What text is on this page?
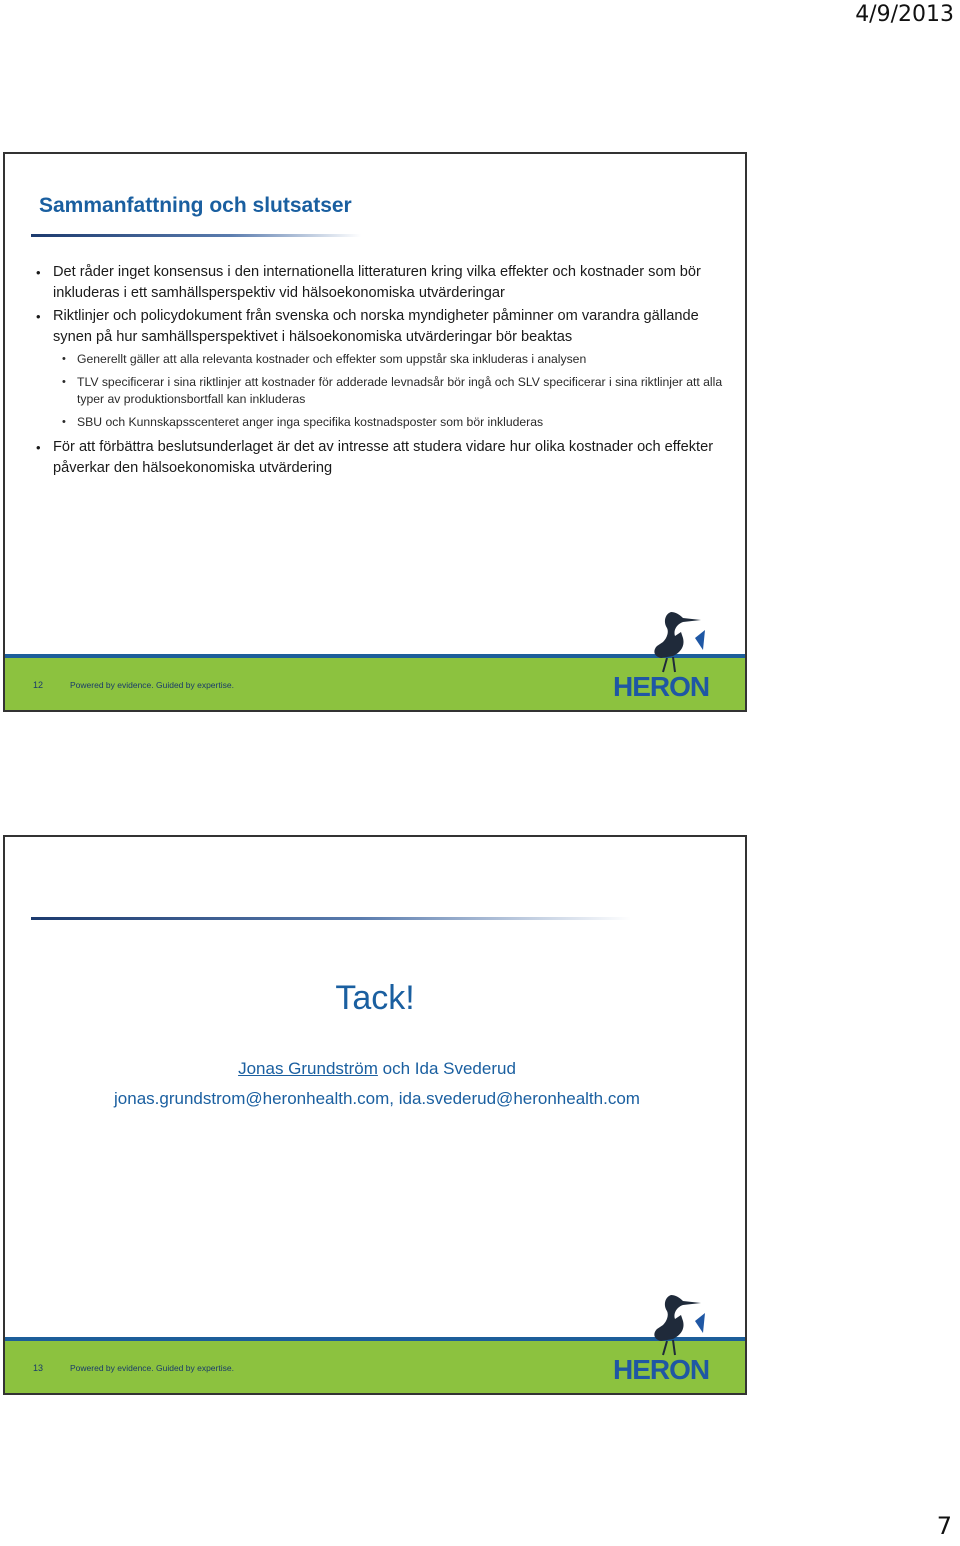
4/9/2013
Sammanfattning och slutsatser
• Det råder inget konsensus i den internationella litteraturen kring vilka effekter och kostnader som bör inkluderas i ett samhällsperspektiv vid hälsoekonomiska utvärderingar
• Riktlinjer och policydokument från svenska och norska myndigheter påminner om varandra gällande synen på hur samhällsperspektivet i hälsoekonomiska utvärderingar bör beaktas
• Generellt gäller att alla relevanta kostnader och effekter som uppstår ska inkluderas i analysen
• TLV specificerar i sina riktlinjer att kostnader för adderade levnadsår bör ingå och SLV specificerar i sina riktlinjer att alla typer av produktionsbortfall kan inkluderas
• SBU och Kunnskapsscenteret anger inga specifika kostnadsposter som bör inkluderas
• För att förbättra beslutsunderlaget är det av intresse att studera vidare hur olika kostnader och effekter påverkar den hälsoekonomiska utvärdering
12	Powered by evidence. Guided by expertise.	HERON
Tack!
Jonas Grundström och Ida Svederud
jonas.grundstrom@heronhealth.com, ida.svederud@heronhealth.com
13	Powered by evidence. Guided by expertise.	HERON
7
